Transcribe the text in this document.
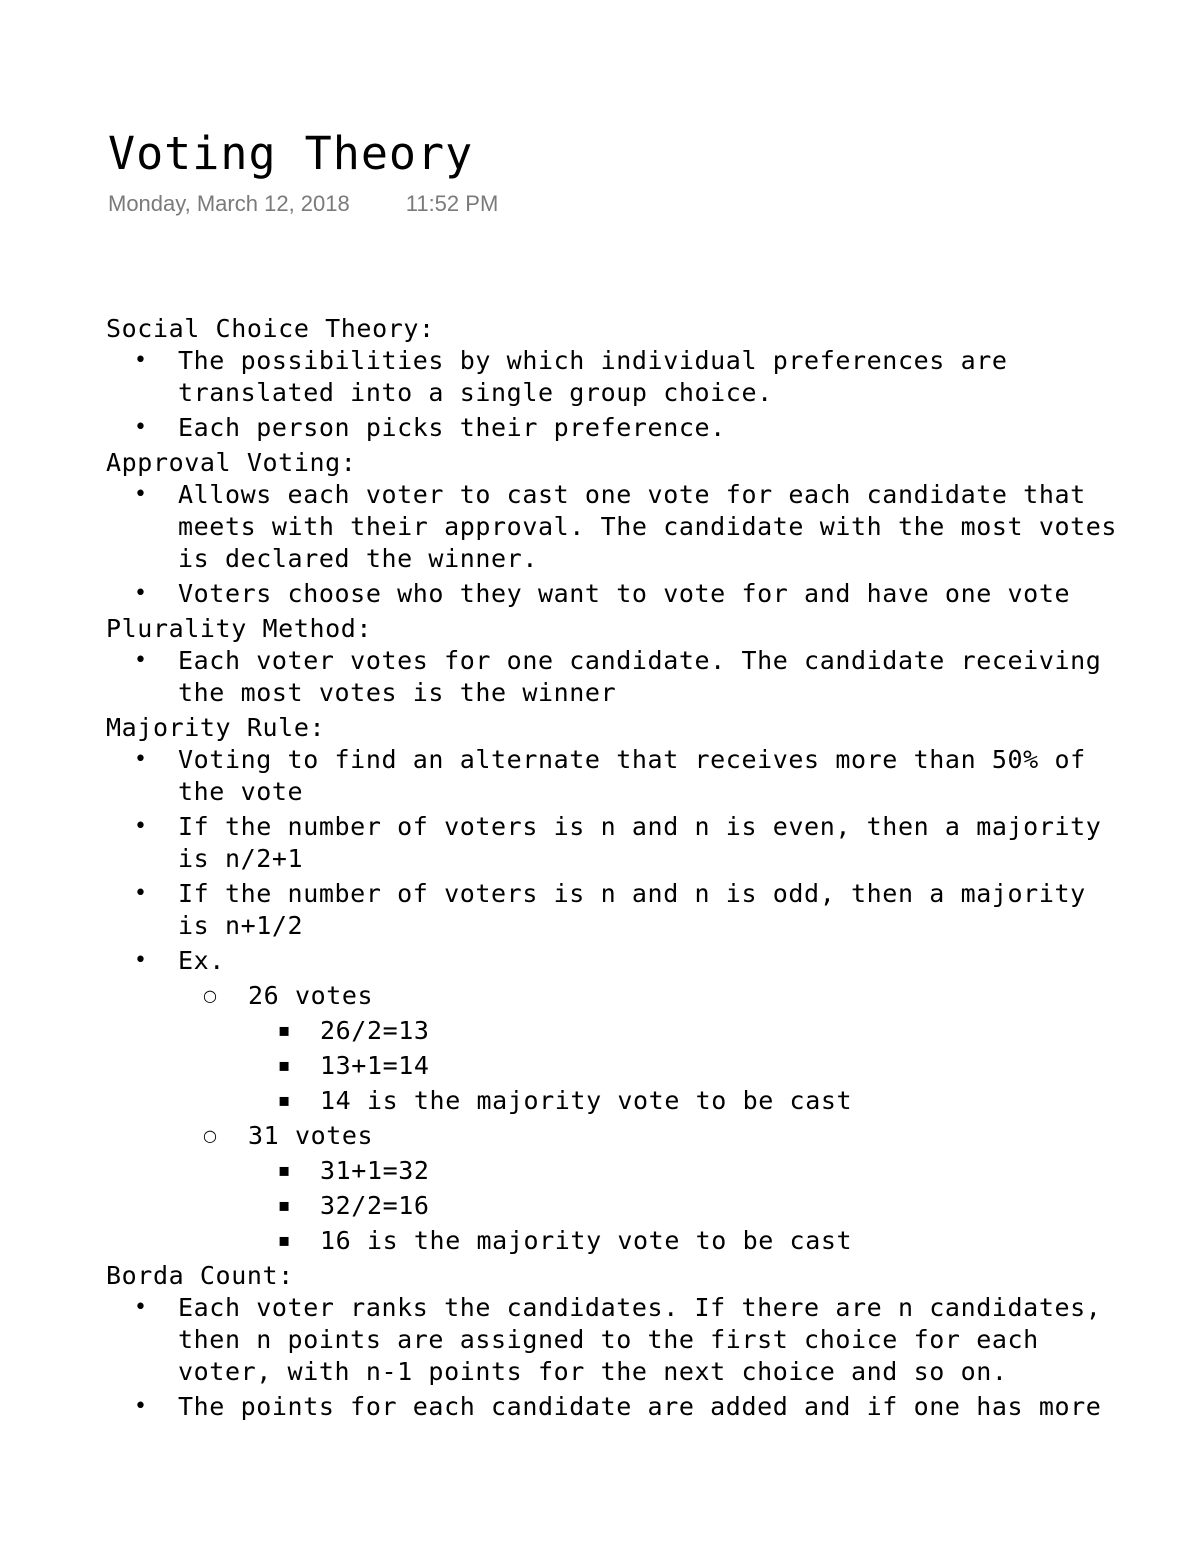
Voting Theory
Monday, March 12, 2018	11:52 PM
Social Choice Theory:
• The possibilities by which individual preferences are translated into a single group choice.
• Each person picks their preference.
Approval Voting:
• Allows each voter to cast one vote for each candidate that meets with their approval. The candidate with the most votes is declared the winner.
• Voters choose who they want to vote for and have one vote
Plurality Method:
• Each voter votes for one candidate. The candidate receiving the most votes is the winner
Majority Rule:
• Voting to find an alternate that receives more than 50% of the vote
• If the number of voters is n and n is even, then a majority is n/2+1
• If the number of voters is n and n is odd, then a majority is n+1/2
• Ex.
○ 26 votes
▪ 26/2=13
▪ 13+1=14
▪ 14 is the majority vote to be cast
○ 31 votes
▪ 31+1=32
▪ 32/2=16
▪ 16 is the majority vote to be cast
Borda Count:
• Each voter ranks the candidates. If there are n candidates, then n points are assigned to the first choice for each voter, with n-1 points for the next choice and so on.
• The points for each candidate are added and if one has more
